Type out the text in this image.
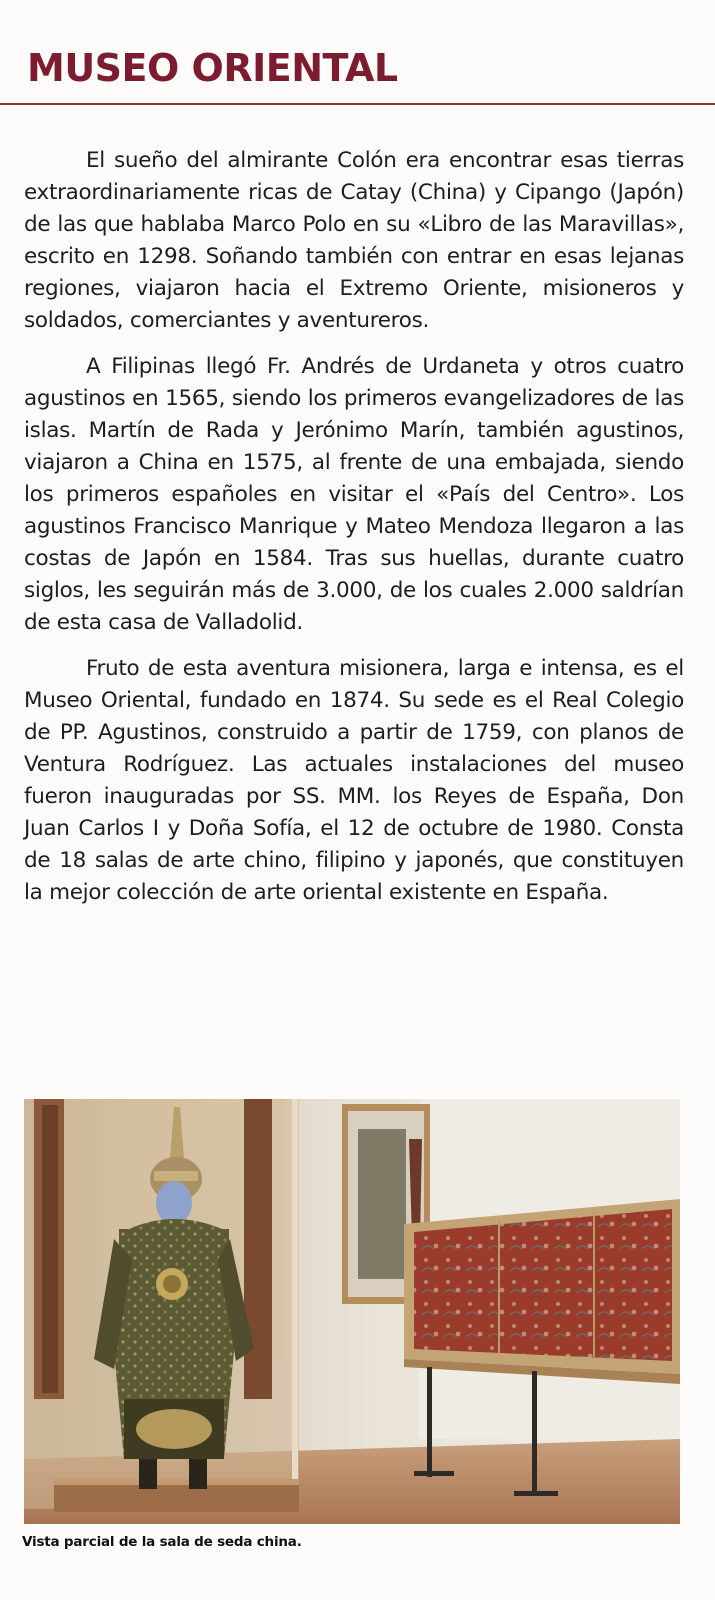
MUSEO ORIENTAL

El sueño del almirante Colón era encontrar esas tierras extraordinariamente ricas de Catay (China) y Cipango (Japón) de las que hablaba Marco Polo en su «Libro de las Maravillas», escrito en 1298. Soñando también con entrar en esas lejanas regiones, viajaron hacia el Extremo Oriente, misioneros y soldados, comerciantes y aventureros.

A Filipinas llegó Fr. Andrés de Urdaneta y otros cuatro agustinos en 1565, siendo los primeros evangelizadores de las islas. Martín de Rada y Jerónimo Marín, también agustinos, viajaron a China en 1575, al frente de una embajada, siendo los primeros españoles en visitar el «País del Centro». Los agustinos Francisco Manrique y Mateo Mendoza llegaron a las costas de Japón en 1584. Tras sus huellas, durante cuatro siglos, les seguirán más de 3.000, de los cuales 2.000 saldrían de esta casa de Valladolid.

Fruto de esta aventura misionera, larga e intensa, es el Museo Oriental, fundado en 1874. Su sede es el Real Colegio de PP. Agustinos, construido a partir de 1759, con planos de Ventura Rodríguez. Las actuales instalaciones del museo fueron inauguradas por SS. MM. los Reyes de España, Don Juan Carlos I y Doña Sofía, el 12 de octubre de 1980. Consta de 18 salas de arte chino, filipino y japonés, que constituyen la mejor colección de arte oriental existente en España.

Vista parcial de la sala de seda china.
